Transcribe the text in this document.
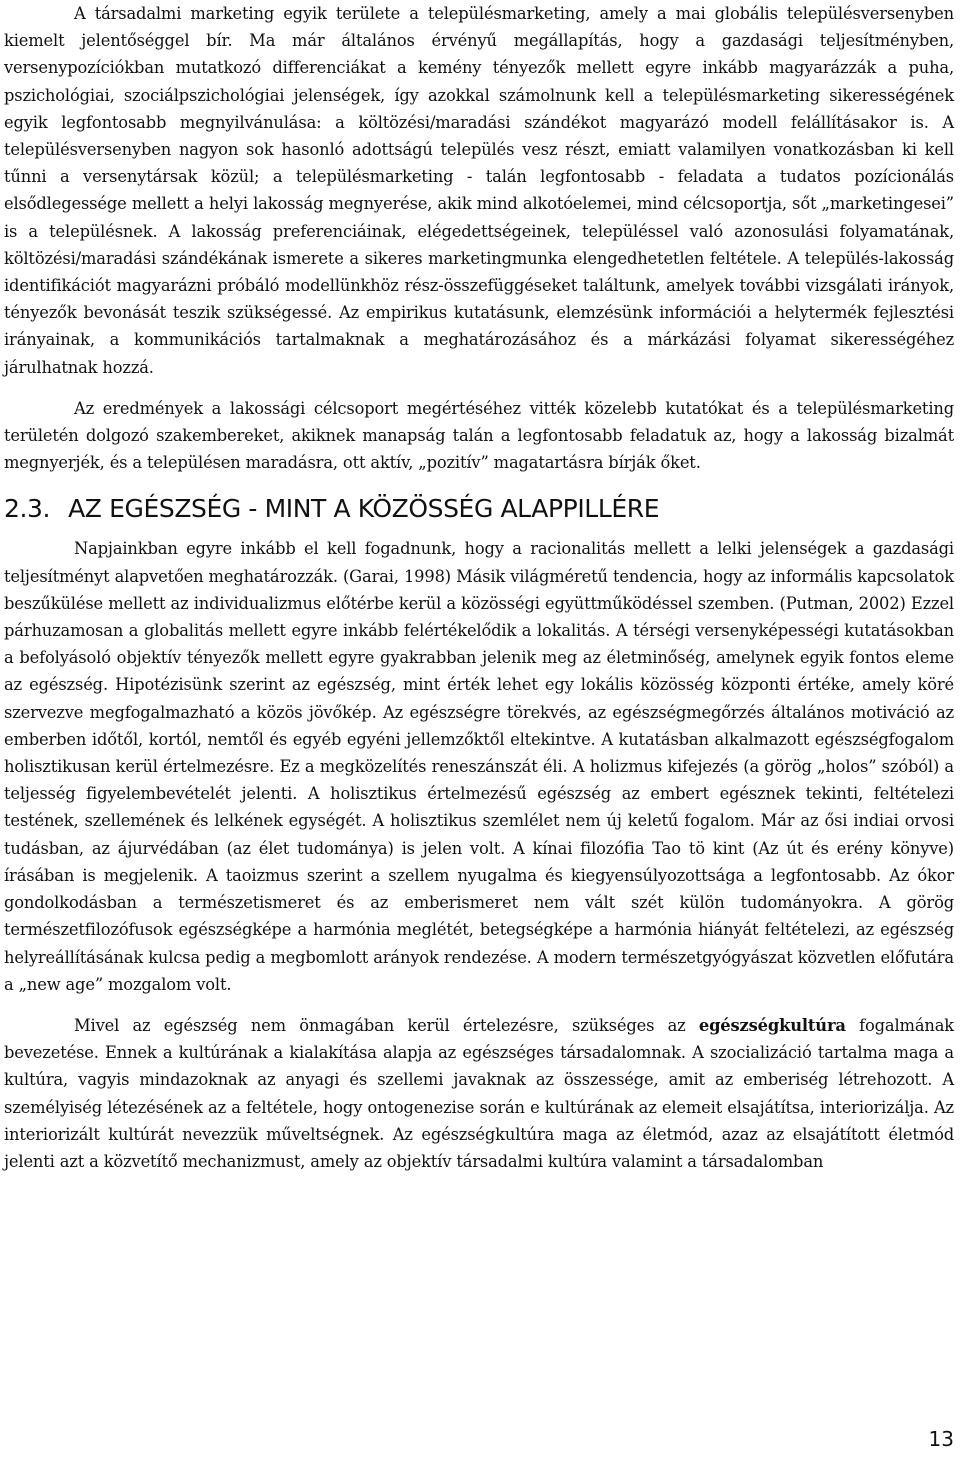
A társadalmi marketing egyik területe a településmarketing, amely a mai globális településversenyben kiemelt jelentőséggel bír. Ma már általános érvényű megállapítás, hogy a gazdasági teljesítményben, versenypozíciókban mutatkozó differenciákat a kemény tényezők mellett egyre inkább magyarázzák a puha, pszichológiai, szociálpszichológiai jelenségek, így azokkal számolnunk kell a településmarketing sikerességének egyik legfontosabb megnyilvánulása: a költözési/maradási szándékot magyarázó modell felállításakor is. A településversenyben nagyon sok hasonló adottságú település vesz részt, emiatt valamilyen vonatkozásban ki kell tűnni a versenytársak közül; a településmarketing - talán legfontosabb - feladata a tudatos pozícionálás elsődlegessége mellett a helyi lakosság megnyerése, akik mind alkotóelemei, mind célcsoportja, sőt „marketingesei” is a településnek. A lakosság preferenciáinak, elégedettségeinek, településsel való azonosulási folyamatának, költözési/maradási szándékának ismerete a sikeres marketingmunka elengedhetetlen feltétele. A település-lakosság identifikációt magyarázni próbáló modellünkhöz rész-összefüggéseket találtunk, amelyek további vizsgálati irányok, tényezők bevonását teszik szükségessé. Az empirikus kutatásunk, elemzésünk információi a helytermék fejlesztési irányainak, a kommunikációs tartalmaknak a meghatározásához és a márkázási folyamat sikerességéhez járulhatnak hozzá.

Az eredmények a lakossági célcsoport megértéséhez vitték közelebb kutatókat és a településmarketing területén dolgozó szakembereket, akiknek manapság talán a legfontosabb feladatuk az, hogy a lakosság bizalmát megnyerjék, és a településen maradásra, ott aktív, „pozitív” magatartásra bírják őket.

2.3. AZ EGÉSZSÉG - MINT A KÖZÖSSÉG ALAPPILLÉRE

Napjainkban egyre inkább el kell fogadnunk, hogy a racionalitás mellett a lelki jelenségek a gazdasági teljesítményt alapvetően meghatározzák. (Garai, 1998) Másik világméretű tendencia, hogy az informális kapcsolatok beszűkülése mellett az individualizmus előtérbe kerül a közösségi együttműködéssel szemben. (Putman, 2002) Ezzel párhuzamosan a globalitás mellett egyre inkább felértékelődik a lokalitás. A térségi versenyképességi kutatásokban a befolyásoló objektív tényezők mellett egyre gyakrabban jelenik meg az életminőség, amelynek egyik fontos eleme az egészség. Hipotézisünk szerint az egészség, mint érték lehet egy lokális közösség központi értéke, amely köré szervezve megfogalmazható a közös jövőkép. Az egészségre törekvés, az egészségmegőrzés általános motiváció az emberben időtől, kortól, nemtől és egyéb egyéni jellemzőktől eltekintve. A kutatásban alkalmazott egészségfogalom holisztikusan kerül értelmezésre. Ez a megközelítés reneszánszát éli. A holizmus kifejezés (a görög „holos” szóból) a teljesség figyelembevételét jelenti. A holisztikus értelmezésű egészség az embert egésznek tekinti, feltételezi testének, szellemének és lelkének egységét. A holisztikus szemlélet nem új keletű fogalom. Már az ősi indiai orvosi tudásban, az ájurvédában (az élet tudománya) is jelen volt. A kínai filozófia Tao tö kint (Az út és erény könyve) írásában is megjelenik. A taoizmus szerint a szellem nyugalma és kiegyensúlyozottsága a legfontosabb. Az ókor gondolkodásban a természetismeret és az emberismeret nem vált szét külön tudományokra. A görög természetfilozófusok egészségképe a harmónia meglétét, betegségképe a harmónia hiányát feltételezi, az egészség helyreállításának kulcsa pedig a megbomlott arányok rendezése. A modern természetgyógyászat közvetlen előfutára a „new age” mozgalom volt.

Mivel az egészség nem önmagában kerül értelezésre, szükséges az egészségkultúra fogalmának bevezetése. Ennek a kultúrának a kialakítása alapja az egészséges társadalomnak. A szocializáció tartalma maga a kultúra, vagyis mindazoknak az anyagi és szellemi javaknak az összessége, amit az emberiség létrehozott. A személyiség létezésének az a feltétele, hogy ontogenezise során e kultúrának az elemeit elsajátítsa, interiorizálja. Az interiorizált kultúrát nevezzük műveltségnek. Az egészségkultúra maga az életmód, azaz az elsajátított életmód jelenti azt a közvetítő mechanizmust, amely az objektív társadalmi kultúra valamint a társadalomban

13
